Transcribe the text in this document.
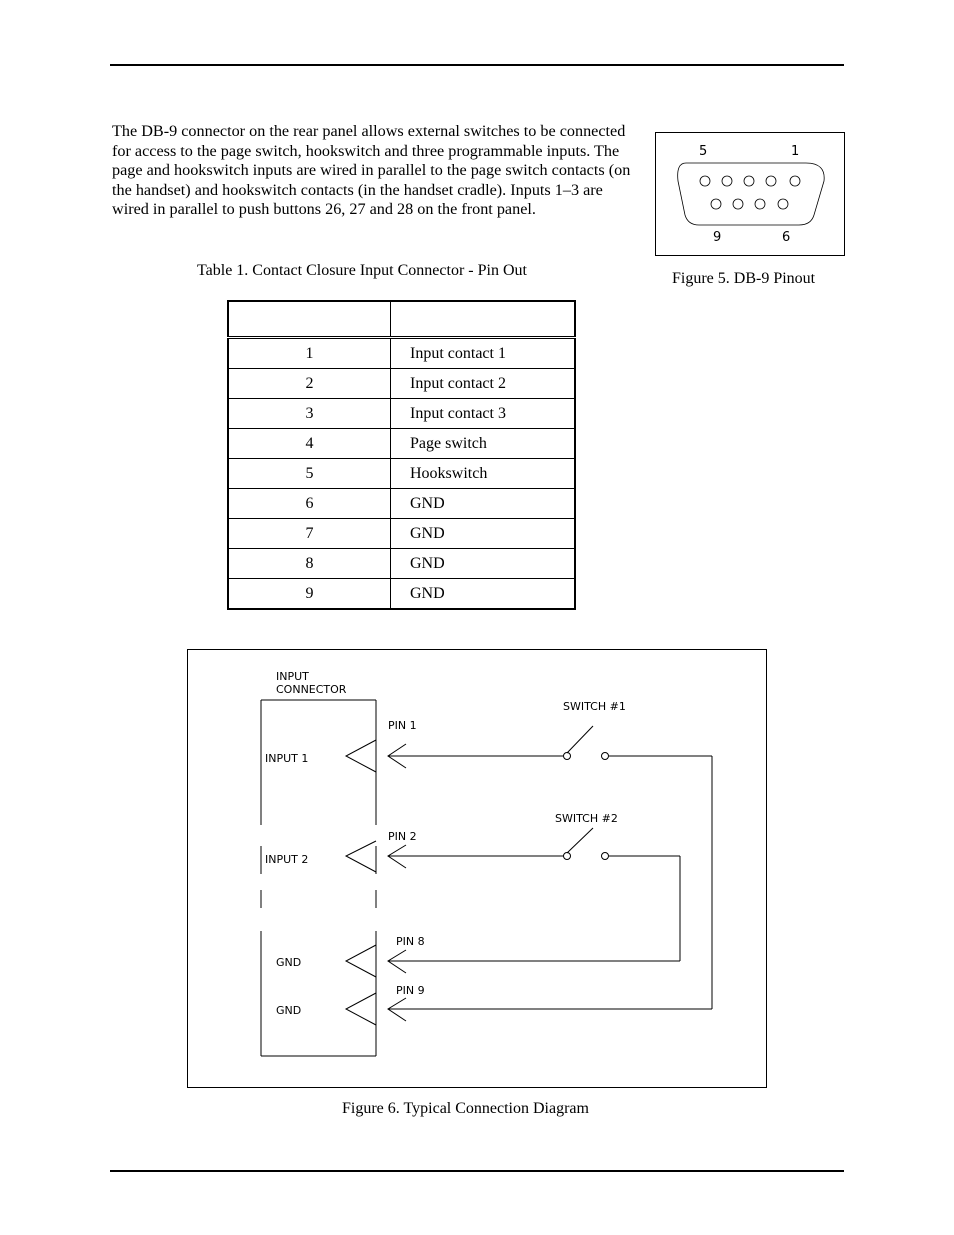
The DB-9 connector on the rear panel allows external switches to be connected for access to the page switch, hookswitch and three programmable inputs. The page and hookswitch inputs are wired in parallel to the page switch contacts (on the handset) and hookswitch contacts (in the handset cradle). Inputs 1–3 are wired in parallel to push buttons 26, 27 and 28 on the front panel.

Table 1. Contact Closure Input Connector - Pin Out

5	1
9	6

Figure 5. DB-9 Pinout

1	Input contact 1
2	Input contact 2
3	Input contact 3
4	Page switch
5	Hookswitch
6	GND
7	GND
8	GND
9	GND
INPUT
CONNECTOR
INPUT 1
INPUT 2
GND
GND
PIN 1
PIN 2
PIN 8
PIN 9
SWITCH #1
SWITCH #2

Figure 6. Typical Connection Diagram
